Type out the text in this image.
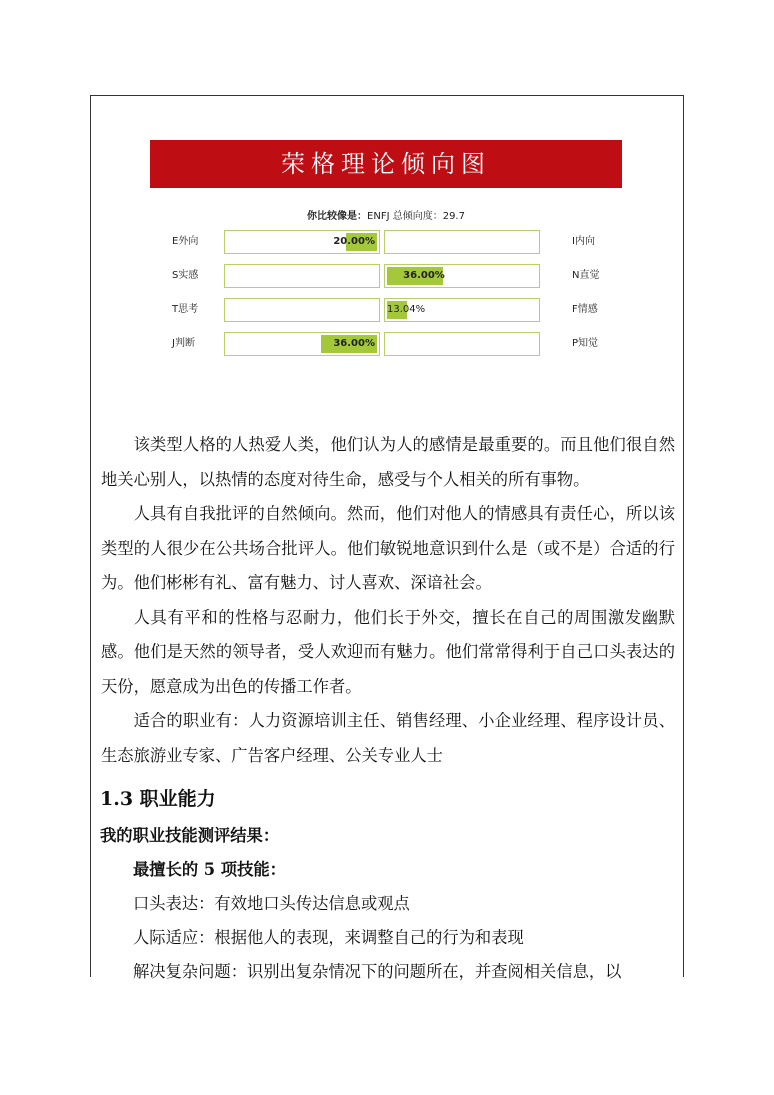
荣格理论倾向图
你比较像是：ENFJ 总倾向度：29.7
20.00%
36.00%
13.04%
36.00%

该类型人格的人热爱人类，他们认为人的感情是最重要的。而且他们很自然地关心别人，以热情的态度对待生命，感受与个人相关的所有事物。

人具有自我批评的自然倾向。然而，他们对他人的情感具有责任心，所以该类型的人很少在公共场合批评人。他们敏锐地意识到什么是（或不是）合适的行为。他们彬彬有礼、富有魅力、讨人喜欢、深谙社会。

人具有平和的性格与忍耐力，他们长于外交，擅长在自己的周围激发幽默感。他们是天然的领导者，受人欢迎而有魅力。他们常常得利于自己口头表达的天份，愿意成为出色的传播工作者。

适合的职业有：人力资源培训主任、销售经理、小企业经理、程序设计员、生态旅游业专家、广告客户经理、公关专业人士

1.3 职业能力
我的职业技能测评结果：
最擅长的 5 项技能：
口头表达：有效地口头传达信息或观点
人际适应：根据他人的表现，来调整自己的行为和表现
解决复杂问题：识别出复杂情况下的问题所在，并查阅相关信息，以
E外向	I内向
S实感	N直觉
T思考	F情感
J判断	P知觉
